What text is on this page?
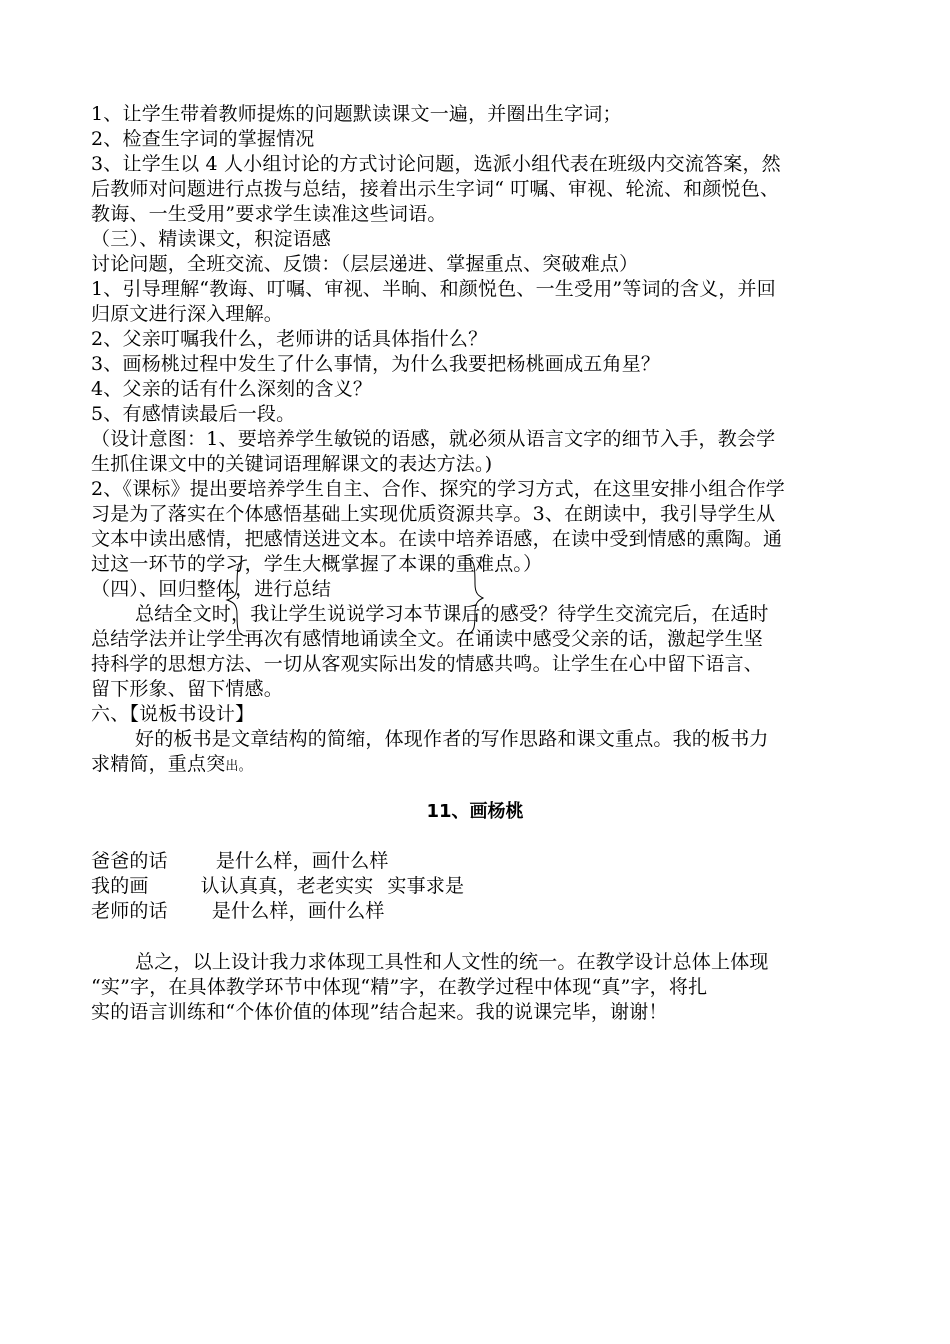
1、让学生带着教师提炼的问题默读课文一遍，并圈出生字词；
2、检查生字词的掌握情况
3、让学生以 4 人小组讨论的方式讨论问题，选派小组代表在班级内交流答案，然
后教师对问题进行点拨与总结，接着出示生字词“ 叮嘱、审视、轮流、和颜悦色、
教诲、一生受用”要求学生读准这些词语。
（三）、精读课文，积淀语感
讨论问题，全班交流、反馈：（层层递进、掌握重点、突破难点）
1、引导理解“教诲、叮嘱、审视、半晌、和颜悦色、一生受用”等词的含义，并回
归原文进行深入理解。
2、父亲叮嘱我什么，老师讲的话具体指什么？
3、画杨桃过程中发生了什么事情，为什么我要把杨桃画成五角星？
4、父亲的话有什么深刻的含义？
5、有感情读最后一段。
（设计意图：1、要培养学生敏锐的语感，就必须从语言文字的细节入手，教会学
生抓住课文中的关键词语理解课文的表达方法。)
2、《课标》提出要培养学生自主、合作、探究的学习方式，在这里安排小组合作学
习是为了落实在个体感悟基础上实现优质资源共享。3、在朗读中，我引导学生从
文本中读出感情，把感情送进文本。在读中培养语感，在读中受到情感的熏陶。通
过这一环节的学习，学生大概掌握了本课的重难点。）
（四）、回归整体，进行总结
总结全文时，我让学生说说学习本节课后的感受？待学生交流完后，在适时
总结学法并让学生再次有感情地诵读全文。在诵读中感受父亲的话，激起学生坚
持科学的思想方法、一切从客观实际出发的情感共鸣。让学生在心中留下语言、
留下形象、留下情感。
六、【说板书设计】
好的板书是文章结构的简缩，体现作者的写作思路和课文重点。我的板书力
求精简，重点突出。
11、画杨桃
爸爸的话	是什么样，画什么样
我的画	认认真真，老老实实 实事求是
老师的话 是什么样，画什么样
总之，以上设计我力求体现工具性和人文性的统一。在教学设计总体上体现
“实”字，在具体教学环节中体现“精”字，在教学过程中体现“真”字，将扎
实的语言训练和“个体价值的体现”结合起来。我的说课完毕，谢谢！
